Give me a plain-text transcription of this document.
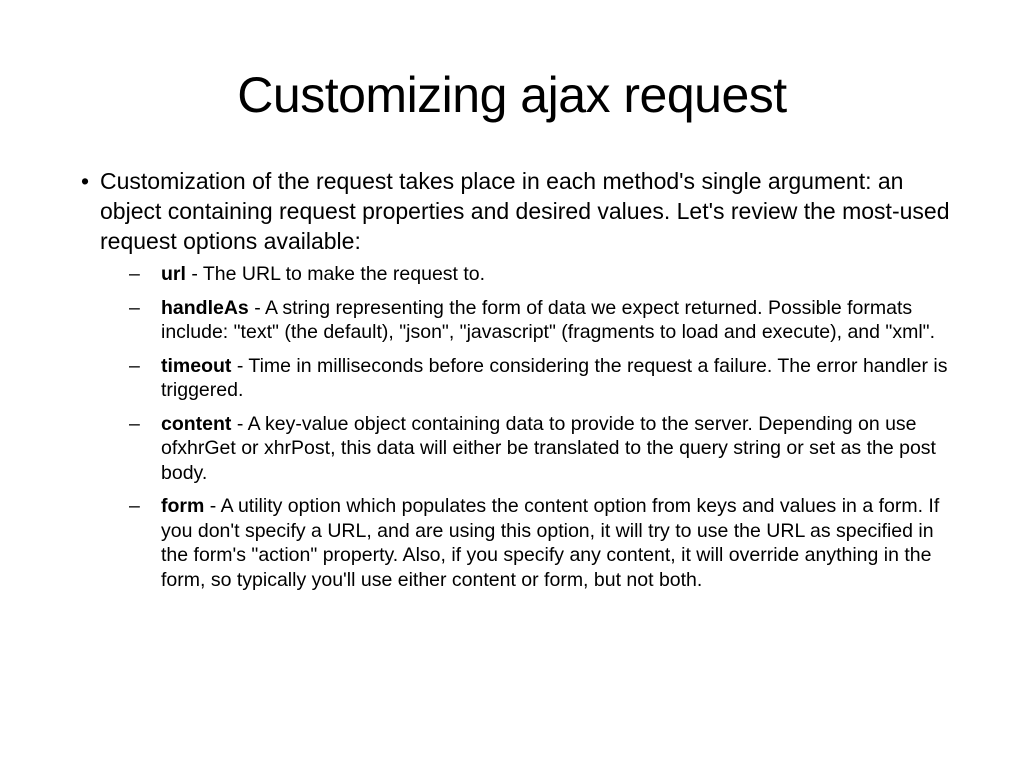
Customizing ajax request
• Customization of the request takes place in each method's single argument: an object containing request properties and desired values. Let's review the most-used request options available:
– url - The URL to make the request to.
– handleAs - A string representing the form of data we expect returned. Possible formats include: "text" (the default), "json", "javascript" (fragments to load and execute), and "xml".
– timeout - Time in milliseconds before considering the request a failure. The error handler is triggered.
– content - A key-value object containing data to provide to the server. Depending on use ofxhrGet or xhrPost, this data will either be translated to the query string or set as the post body.
– form - A utility option which populates the content option from keys and values in a form. If you don't specify a URL, and are using this option, it will try to use the URL as specified in the form's "action" property. Also, if you specify any content, it will override anything in the form, so typically you'll use either content or form, but not both.
